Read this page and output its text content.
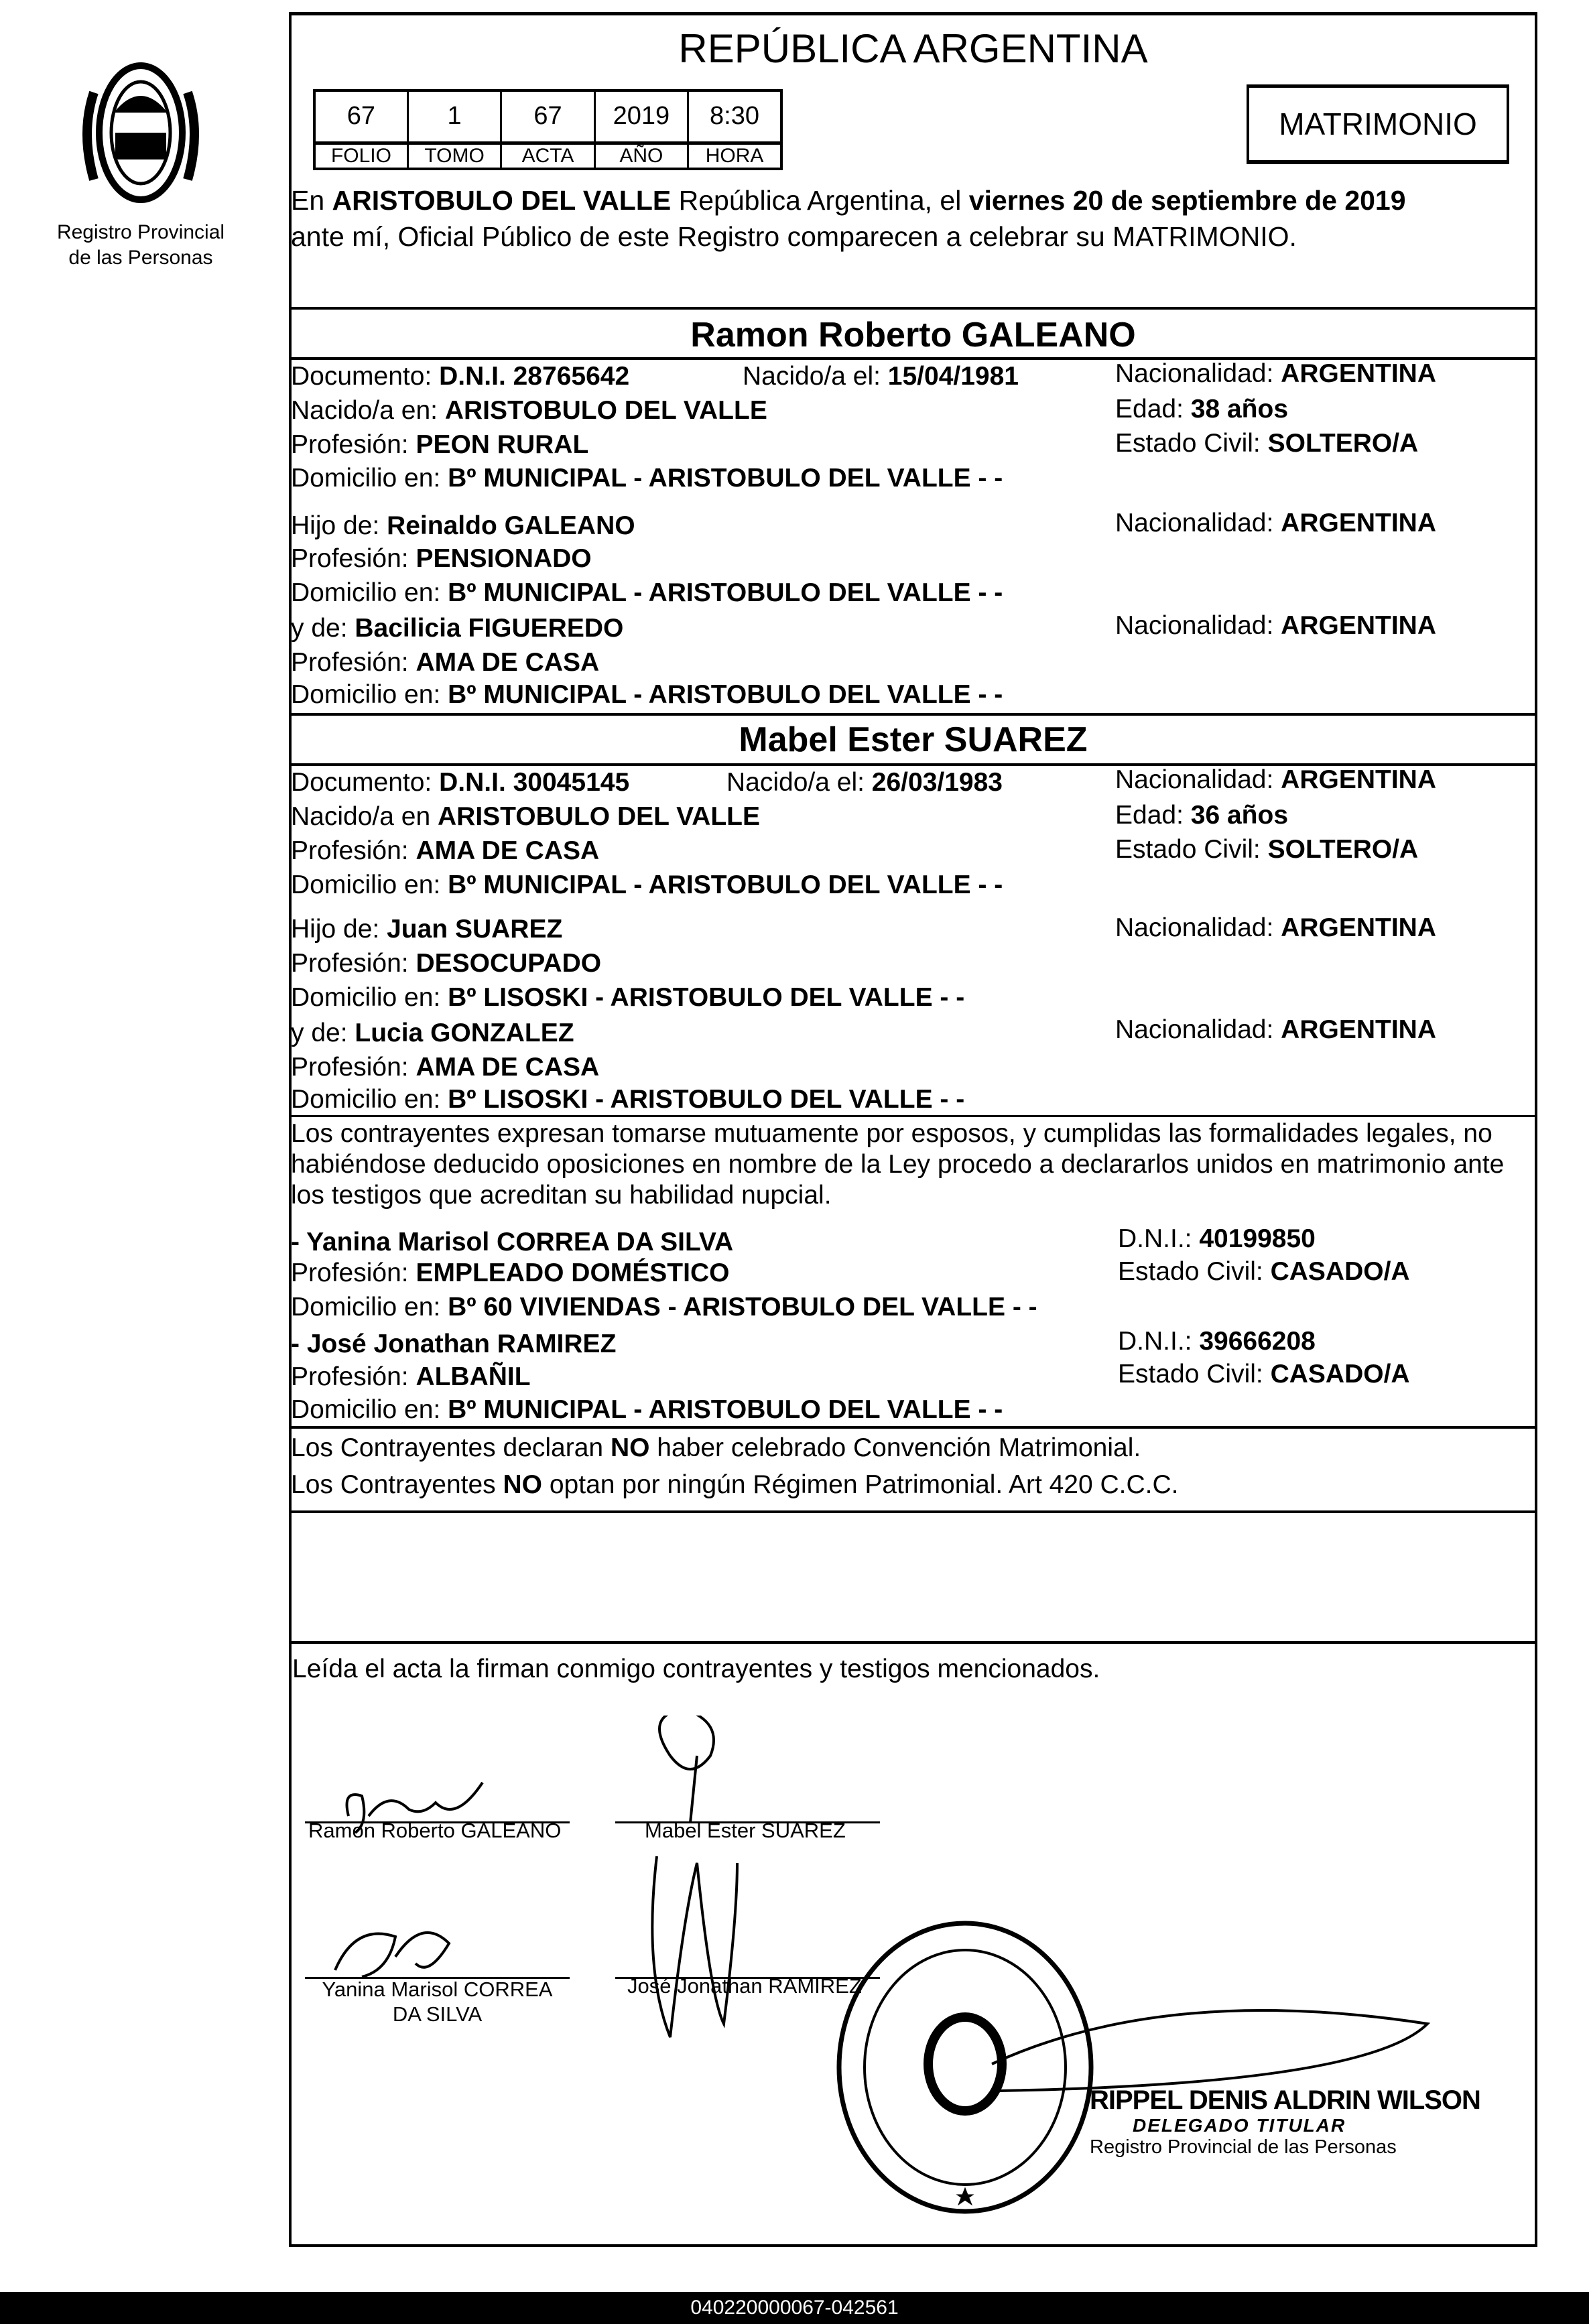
Registro Provincial
de las Personas
REPÚBLICA ARGENTINA
67	1	67	2019	8:30
FOLIO	TOMO	ACTA	AÑO	HORA
MATRIMONIO
En ARISTOBULO DEL VALLE República Argentina, el viernes 20 de septiembre de 2019
ante mí, Oficial Público de este Registro comparecen a celebrar su MATRIMONIO.
Ramon Roberto GALEANO
Documento: D.N.I. 28765642	Nacido/a el: 15/04/1981	Nacionalidad: ARGENTINA
Nacido/a en: ARISTOBULO DEL VALLE	Edad: 38 años
Profesión: PEON RURAL	Estado Civil: SOLTERO/A
Domicilio en: Bº MUNICIPAL - ARISTOBULO DEL VALLE - -
Hijo de: Reinaldo GALEANO	Nacionalidad: ARGENTINA
Profesión: PENSIONADO
Domicilio en: Bº MUNICIPAL - ARISTOBULO DEL VALLE - -
y de: Bacilicia FIGUEREDO	Nacionalidad: ARGENTINA
Profesión: AMA DE CASA
Domicilio en: Bº MUNICIPAL - ARISTOBULO DEL VALLE - -
Mabel Ester SUAREZ
Documento: D.N.I. 30045145	Nacido/a el: 26/03/1983	Nacionalidad: ARGENTINA
Nacido/a en ARISTOBULO DEL VALLE	Edad: 36 años
Profesión: AMA DE CASA	Estado Civil: SOLTERO/A
Domicilio en: Bº MUNICIPAL - ARISTOBULO DEL VALLE - -
Hijo de: Juan SUAREZ	Nacionalidad: ARGENTINA
Profesión: DESOCUPADO
Domicilio en: Bº LISOSKI - ARISTOBULO DEL VALLE - -
y de: Lucia GONZALEZ	Nacionalidad: ARGENTINA
Profesión: AMA DE CASA
Domicilio en: Bº LISOSKI - ARISTOBULO DEL VALLE - -
Los contrayentes expresan tomarse mutuamente por esposos, y cumplidas las formalidades legales, no
habiéndose deducido oposiciones en nombre de la Ley procedo a declararlos unidos en matrimonio ante
los testigos que acreditan su habilidad nupcial.
- Yanina Marisol CORREA DA SILVA	D.N.I.: 40199850
Profesión: EMPLEADO DOMÉSTICO	Estado Civil: CASADO/A
Domicilio en: Bº 60 VIVIENDAS - ARISTOBULO DEL VALLE - -
- José Jonathan RAMIREZ	D.N.I.: 39666208
Profesión: ALBAÑIL	Estado Civil: CASADO/A
Domicilio en: Bº MUNICIPAL - ARISTOBULO DEL VALLE - -
Los Contrayentes declaran NO haber celebrado Convención Matrimonial.
Los Contrayentes NO optan por ningún Régimen Patrimonial. Art 420 C.C.C.
Leída el acta la firman conmigo contrayentes y testigos mencionados.
Ramon Roberto GALEANO	Mabel Ester SUAREZ
Yanina Marisol CORREA
DA SILVA
José Jonathan RAMIREZ
RIPPEL DENIS ALDRIN WILSON
DELEGADO TITULAR
Registro Provincial de las Personas
040220000067-042561
